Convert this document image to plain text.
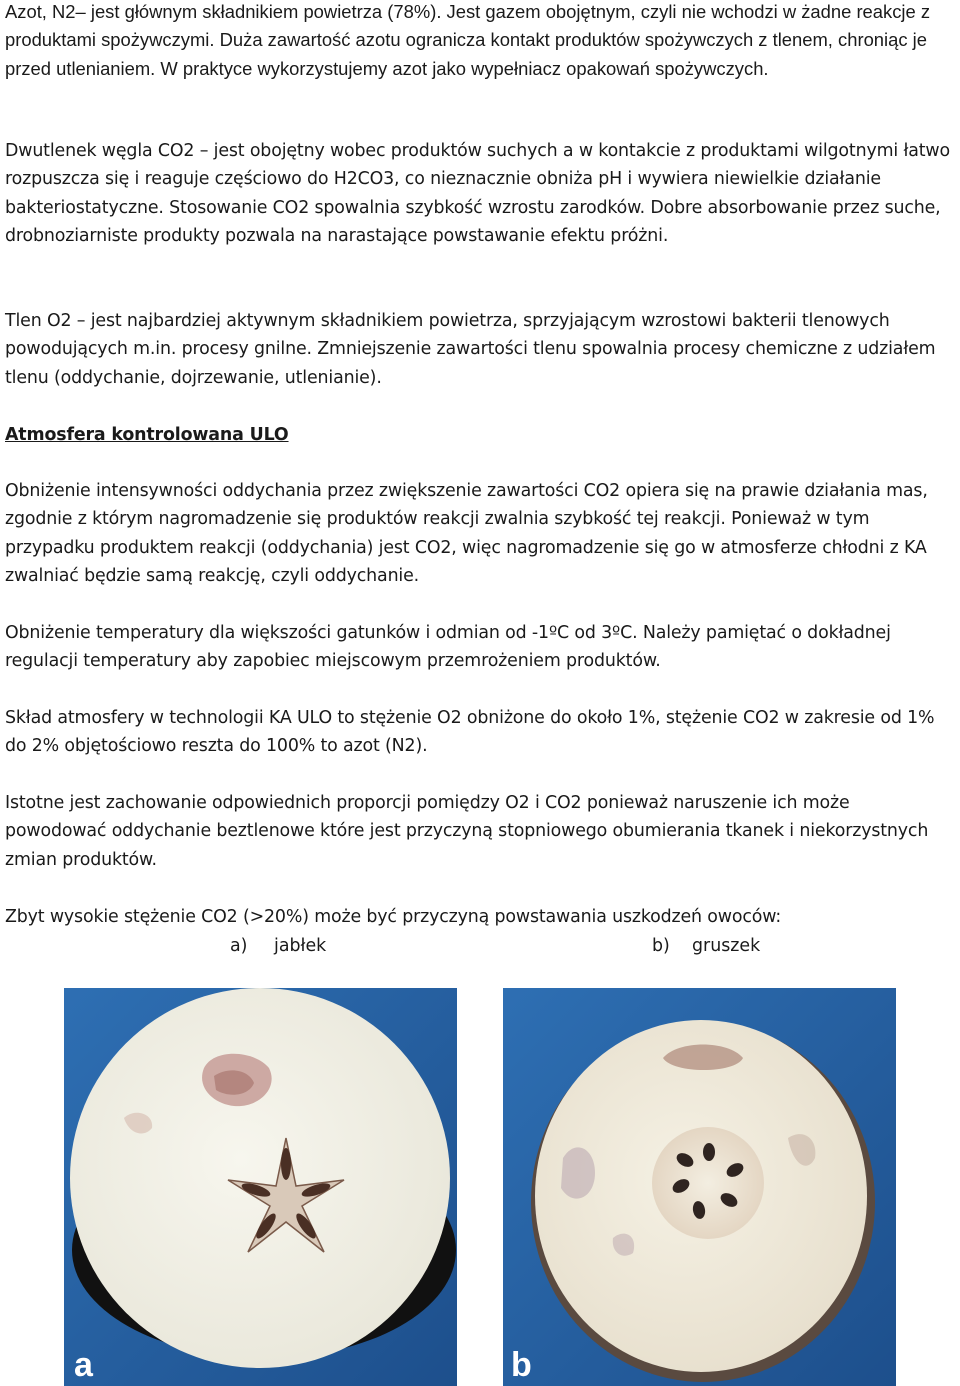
Azot, N2– jest głównym składnikiem powietrza (78%). Jest gazem obojętnym, czyli nie wchodzi w żadne reakcje z produktami spożywczymi. Duża zawartość azotu ogranicza kontakt produktów spożywczych z tlenem, chroniąc je przed utlenianiem. W praktyce wykorzystujemy azot jako wypełniacz opakowań spożywczych.

Dwutlenek węgla CO2 – jest obojętny wobec produktów suchych a w kontakcie z produktami wilgotnymi łatwo rozpuszcza się i reaguje częściowo do H2CO3, co nieznacznie obniża pH i wywiera niewielkie działanie bakteriostatyczne. Stosowanie CO2 spowalnia szybkość wzrostu zarodków. Dobre absorbowanie przez suche, drobnoziarniste produkty pozwala na narastające powstawanie efektu próżni.

Tlen O2 – jest najbardziej aktywnym składnikiem powietrza, sprzyjającym wzrostowi bakterii tlenowych powodujących m.in. procesy gnilne. Zmniejszenie zawartości tlenu spowalnia procesy chemiczne z udziałem tlenu (oddychanie, dojrzewanie, utlenianie).

Atmosfera kontrolowana ULO

Obniżenie intensywności oddychania przez zwiększenie zawartości CO2 opiera się na prawie działania mas, zgodnie z którym nagromadzenie się produktów reakcji zwalnia szybkość tej reakcji. Ponieważ w tym przypadku produktem reakcji (oddychania) jest CO2, więc nagromadzenie się go w atmosferze chłodni z KA zwalniać będzie samą reakcję, czyli oddychanie.

Obniżenie temperatury dla większości gatunków i odmian od -1ºC od 3ºC. Należy pamiętać o dokładnej regulacji temperatury aby zapobiec miejscowym przemrożeniem produktów.

Skład atmosfery w technologii KA ULO to stężenie O2 obniżone do około 1%, stężenie CO2 w zakresie od 1% do 2% objętościowo reszta do 100% to azot (N2).

Istotne jest zachowanie odpowiednich proporcji pomiędzy O2 i CO2 ponieważ naruszenie ich może powodować oddychanie beztlenowe które jest przyczyną stopniowego obumierania tkanek i niekorzystnych zmian produktów.

Zbyt wysokie stężenie CO2 (>20%) może być przyczyną powstawania uszkodzeń owoców:

a) jabłek	b) gruszek
a	b
